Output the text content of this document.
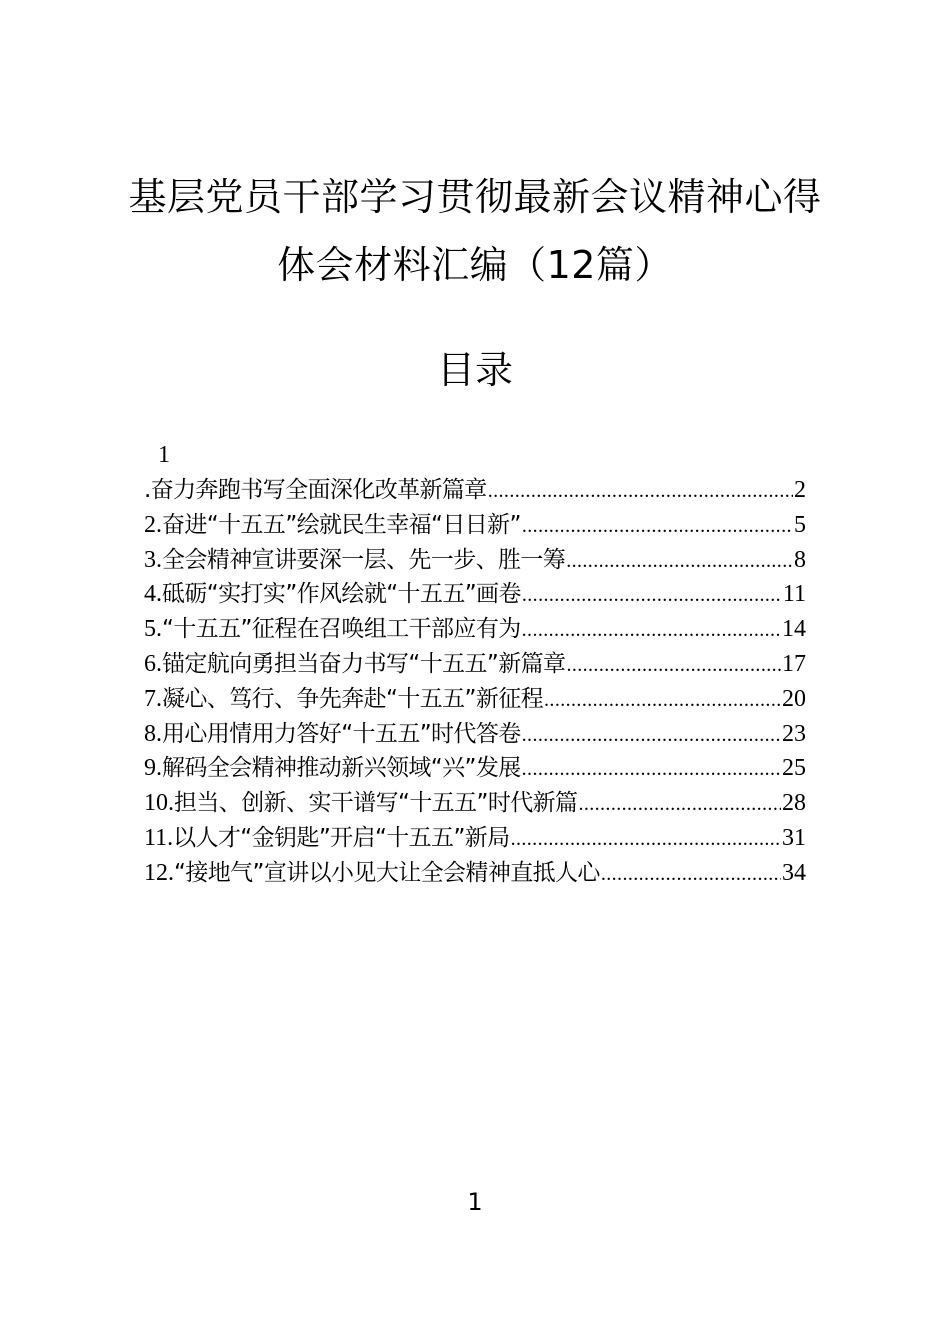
基层党员干部学习贯彻最新会议精神心得
体会材料汇编（12篇）
目录
1
.奋力奔跑书写全面深化改革新篇章 .....	2
2. 奋进“十五五”绘就民生幸福“日日新” .....	5
3. 全会精神宣讲要深一层、先一步、胜一筹 .....	8
4. 砥砺“实打实”作风绘就“十五五”画卷 .....	11
5. “十五五”征程在召唤组工干部应有为 .....	14
6. 锚定航向勇担当奋力书写“十五五”新篇章 .....	17
7. 凝心、笃行、争先奔赴“十五五”新征程 .....	20
8. 用心用情用力答好“十五五”时代答卷 .....	23
9. 解码全会精神推动新兴领域“兴”发展 .....	25
10. 担当、创新、实干谱写“十五五”时代新篇 .....	28
11. 以人才“金钥匙”开启“十五五”新局 .....	31
12. “接地气”宣讲以小见大让全会精神直抵人心 .....	34
1
